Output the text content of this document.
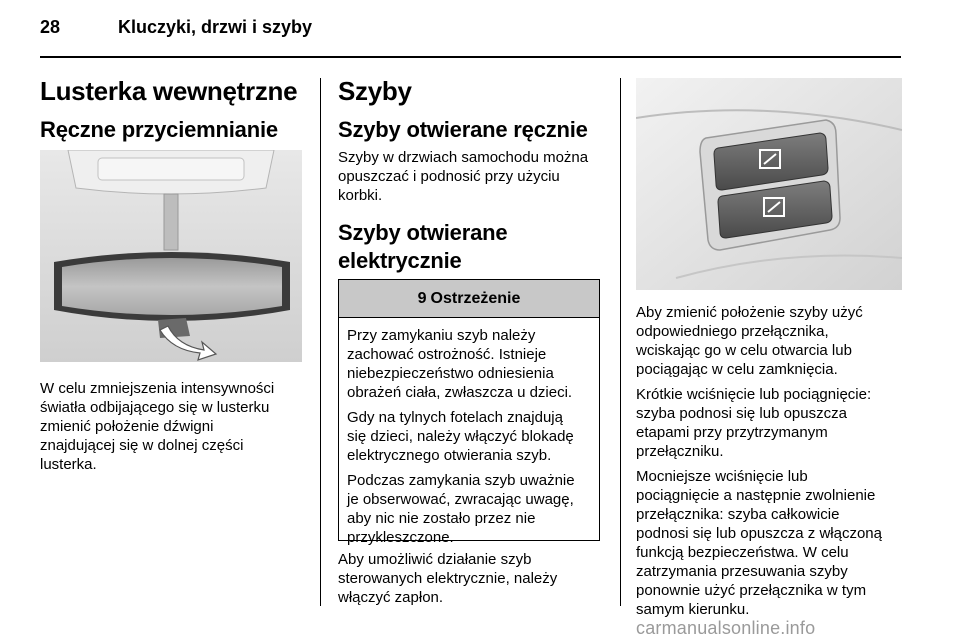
28	Kluczyki, drzwi i szyby
Lusterka wewnętrzne
Ręczne przyciemnianie
W celu zmniejszenia intensywności
światła odbijającego się w lusterku
zmienić położenie dźwigni
znajdującej się w dolnej części
lusterka.
Szyby
Szyby otwierane ręcznie
Szyby w drzwiach samochodu można
opuszczać i podnosić przy użyciu
korbki.
Szyby otwierane
elektrycznie
9 Ostrzeżenie

Przy zamykaniu szyb należy
zachować ostrożność. Istnieje
niebezpieczeństwo odniesienia
obrażeń ciała, zwłaszcza u dzieci.

Gdy na tylnych fotelach znajdują
się dzieci, należy włączyć blokadę
elektrycznego otwierania szyb.

Podczas zamykania szyb uważnie
je obserwować, zwracając uwagę,
aby nic nie zostało przez nie
przykleszczone.

Aby umożliwić działanie szyb
sterowanych elektrycznie, należy
włączyć zapłon.

Aby zmienić położenie szyby użyć
odpowiedniego przełącznika,
wciskając go w celu otwarcia lub
pociągając w celu zamknięcia.

Krótkie wciśnięcie lub pociągnięcie:
szyba podnosi się lub opuszcza
etapami przy przytrzymanym
przełączniku.

Mocniejsze wciśnięcie lub
pociągnięcie a następnie zwolnienie
przełącznika: szyba całkowicie
podnosi się lub opuszcza z włączoną
funkcją bezpieczeństwa. W celu
zatrzymania przesuwania szyby
ponownie użyć przełącznika w tym
samym kierunku.

carmanualsonline.info
